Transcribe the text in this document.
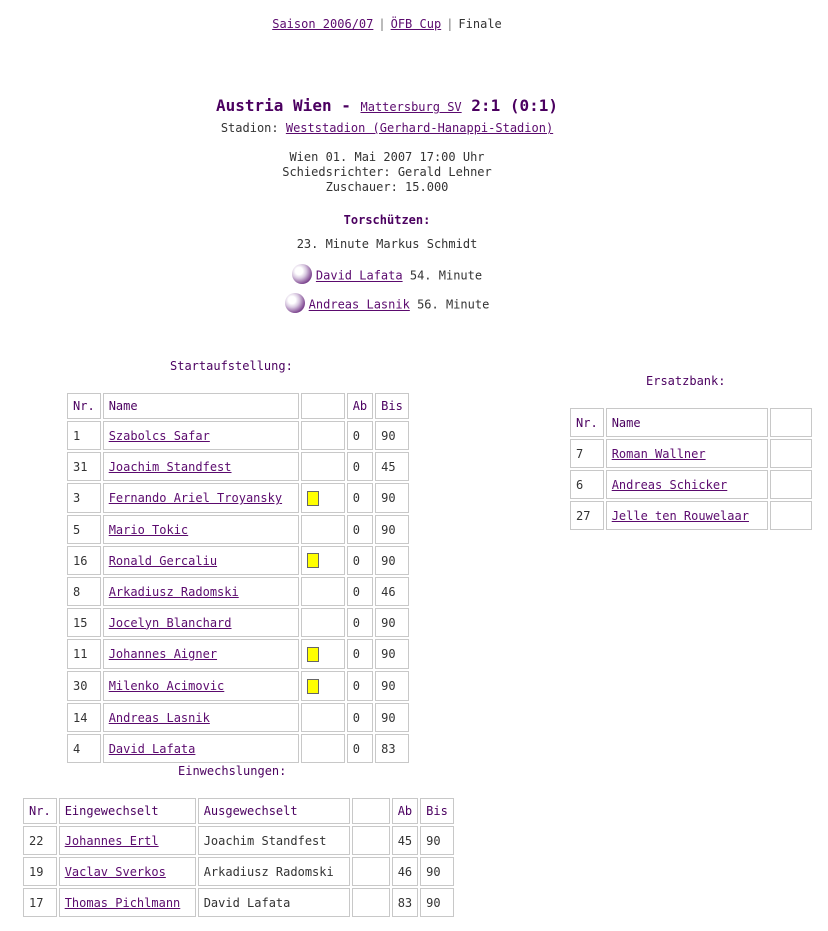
Saison 2006/07 | ÖFB Cup | Finale
Austria Wien - Mattersburg SV 2:1 (0:1)
Stadion: Weststadion (Gerhard-Hanappi-Stadion)
Wien 01. Mai 2007 17:00 Uhr
Schiedsrichter: Gerald Lehner
Zuschauer: 15.000
Torschützen:
23. Minute Markus Schmidt
David Lafata 54. Minute
Andreas Lasnik 56. Minute
Startaufstellung:
Nr.	Name		Ab	Bis
1	Szabolcs Safar		0	90
31	Joachim Standfest		0	45
3	Fernando Ariel Troyansky		0	90
5	Mario Tokic		0	90
16	Ronald Gercaliu		0	90
8	Arkadiusz Radomski		0	46
15	Jocelyn Blanchard		0	90
11	Johannes Aigner		0	90
30	Milenko Acimovic		0	90
14	Andreas Lasnik		0	90
4	David Lafata		0	83
Ersatzbank:
Nr.	Name	
7	Roman Wallner	
6	Andreas Schicker	
27	Jelle ten Rouwelaar	
Einwechslungen:
Nr.	Eingewechselt	Ausgewechselt		Ab	Bis
22	Johannes Ertl	Joachim Standfest		45	90
19	Vaclav Sverkos	Arkadiusz Radomski		46	90
17	Thomas Pichlmann	David Lafata		83	90
